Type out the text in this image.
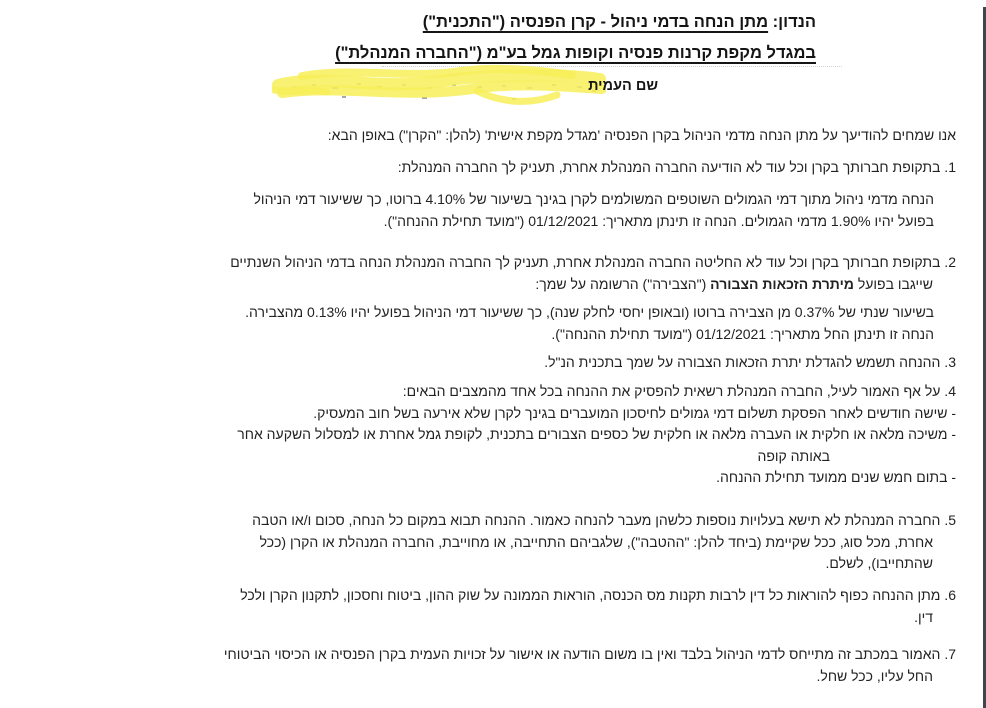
הנדון: מתן הנחה בדמי ניהול - קרן הפנסיה ("התכנית")
במגדל מקפת קרנות פנסיה וקופות גמל בע"מ ("החברה המנהלת")
שם העמית
אנו שמחים להודיעך על מתן הנחה מדמי הניהול בקרן הפנסיה 'מגדל מקפת אישית' (להלן: "הקרן") באופן הבא:
1. בתקופת חברותך בקרן וכל עוד לא הודיעה החברה המנהלת אחרת, תעניק לך החברה המנהלת:
הנחה מדמי ניהול מתוך דמי הגמולים השוטפים המשולמים לקרן בגינך בשיעור של 4.10% ברוטו, כך ששיעור דמי הניהול
בפועל יהיו 1.90% מדמי הגמולים. הנחה זו תינתן מתאריך: 01/12/2021 ("מועד תחילת ההנחה").
2. בתקופת חברותך בקרן וכל עוד לא החליטה החברה המנהלת אחרת, תעניק לך החברה המנהלת הנחה בדמי הניהול השנתיים
שייגבו בפועל מיתרת הזכאות הצבורה ("הצבירה") הרשומה על שמך:
בשיעור שנתי של 0.37% מן הצבירה ברוטו (ובאופן יחסי לחלק שנה), כך ששיעור דמי הניהול בפועל יהיו 0.13% מהצבירה.
הנחה זו תינתן החל מתאריך: 01/12/2021 ("מועד תחילת ההנחה").
3. ההנחה תשמש להגדלת יתרת הזכאות הצבורה על שמך בתכנית הנ"ל.
4. על אף האמור לעיל, החברה המנהלת רשאית להפסיק את ההנחה בכל אחד מהמצבים הבאים:
- שישה חודשים לאחר הפסקת תשלום דמי גמולים לחיסכון המועברים בגינך לקרן שלא אירעה בשל חוב המעסיק.
- משיכה מלאה או חלקית או העברה מלאה או חלקית של כספים הצבורים בתכנית, לקופת גמל אחרת או למסלול השקעה אחר
באותה קופה
- בתום חמש שנים ממועד תחילת ההנחה.
5. החברה המנהלת לא תישא בעלויות נוספות כלשהן מעבר להנחה כאמור. ההנחה תבוא במקום כל הנחה, סכום ו/או הטבה
אחרת, מכל סוג, ככל שקיימת (ביחד להלן: "ההטבה"), שלגביהם התחייבה, או מחוייבת, החברה המנהלת או הקרן (ככל
שהתחייבו), לשלם.
6. מתן ההנחה כפוף להוראות כל דין לרבות תקנות מס הכנסה, הוראות הממונה על שוק ההון, ביטוח וחסכון, לתקנון הקרן ולכל
דין.
7. האמור במכתב זה מתייחס לדמי הניהול בלבד ואין בו משום הודעה או אישור על זכויות העמית בקרן הפנסיה או הכיסוי הביטוחי
החל עליו, ככל שחל.
